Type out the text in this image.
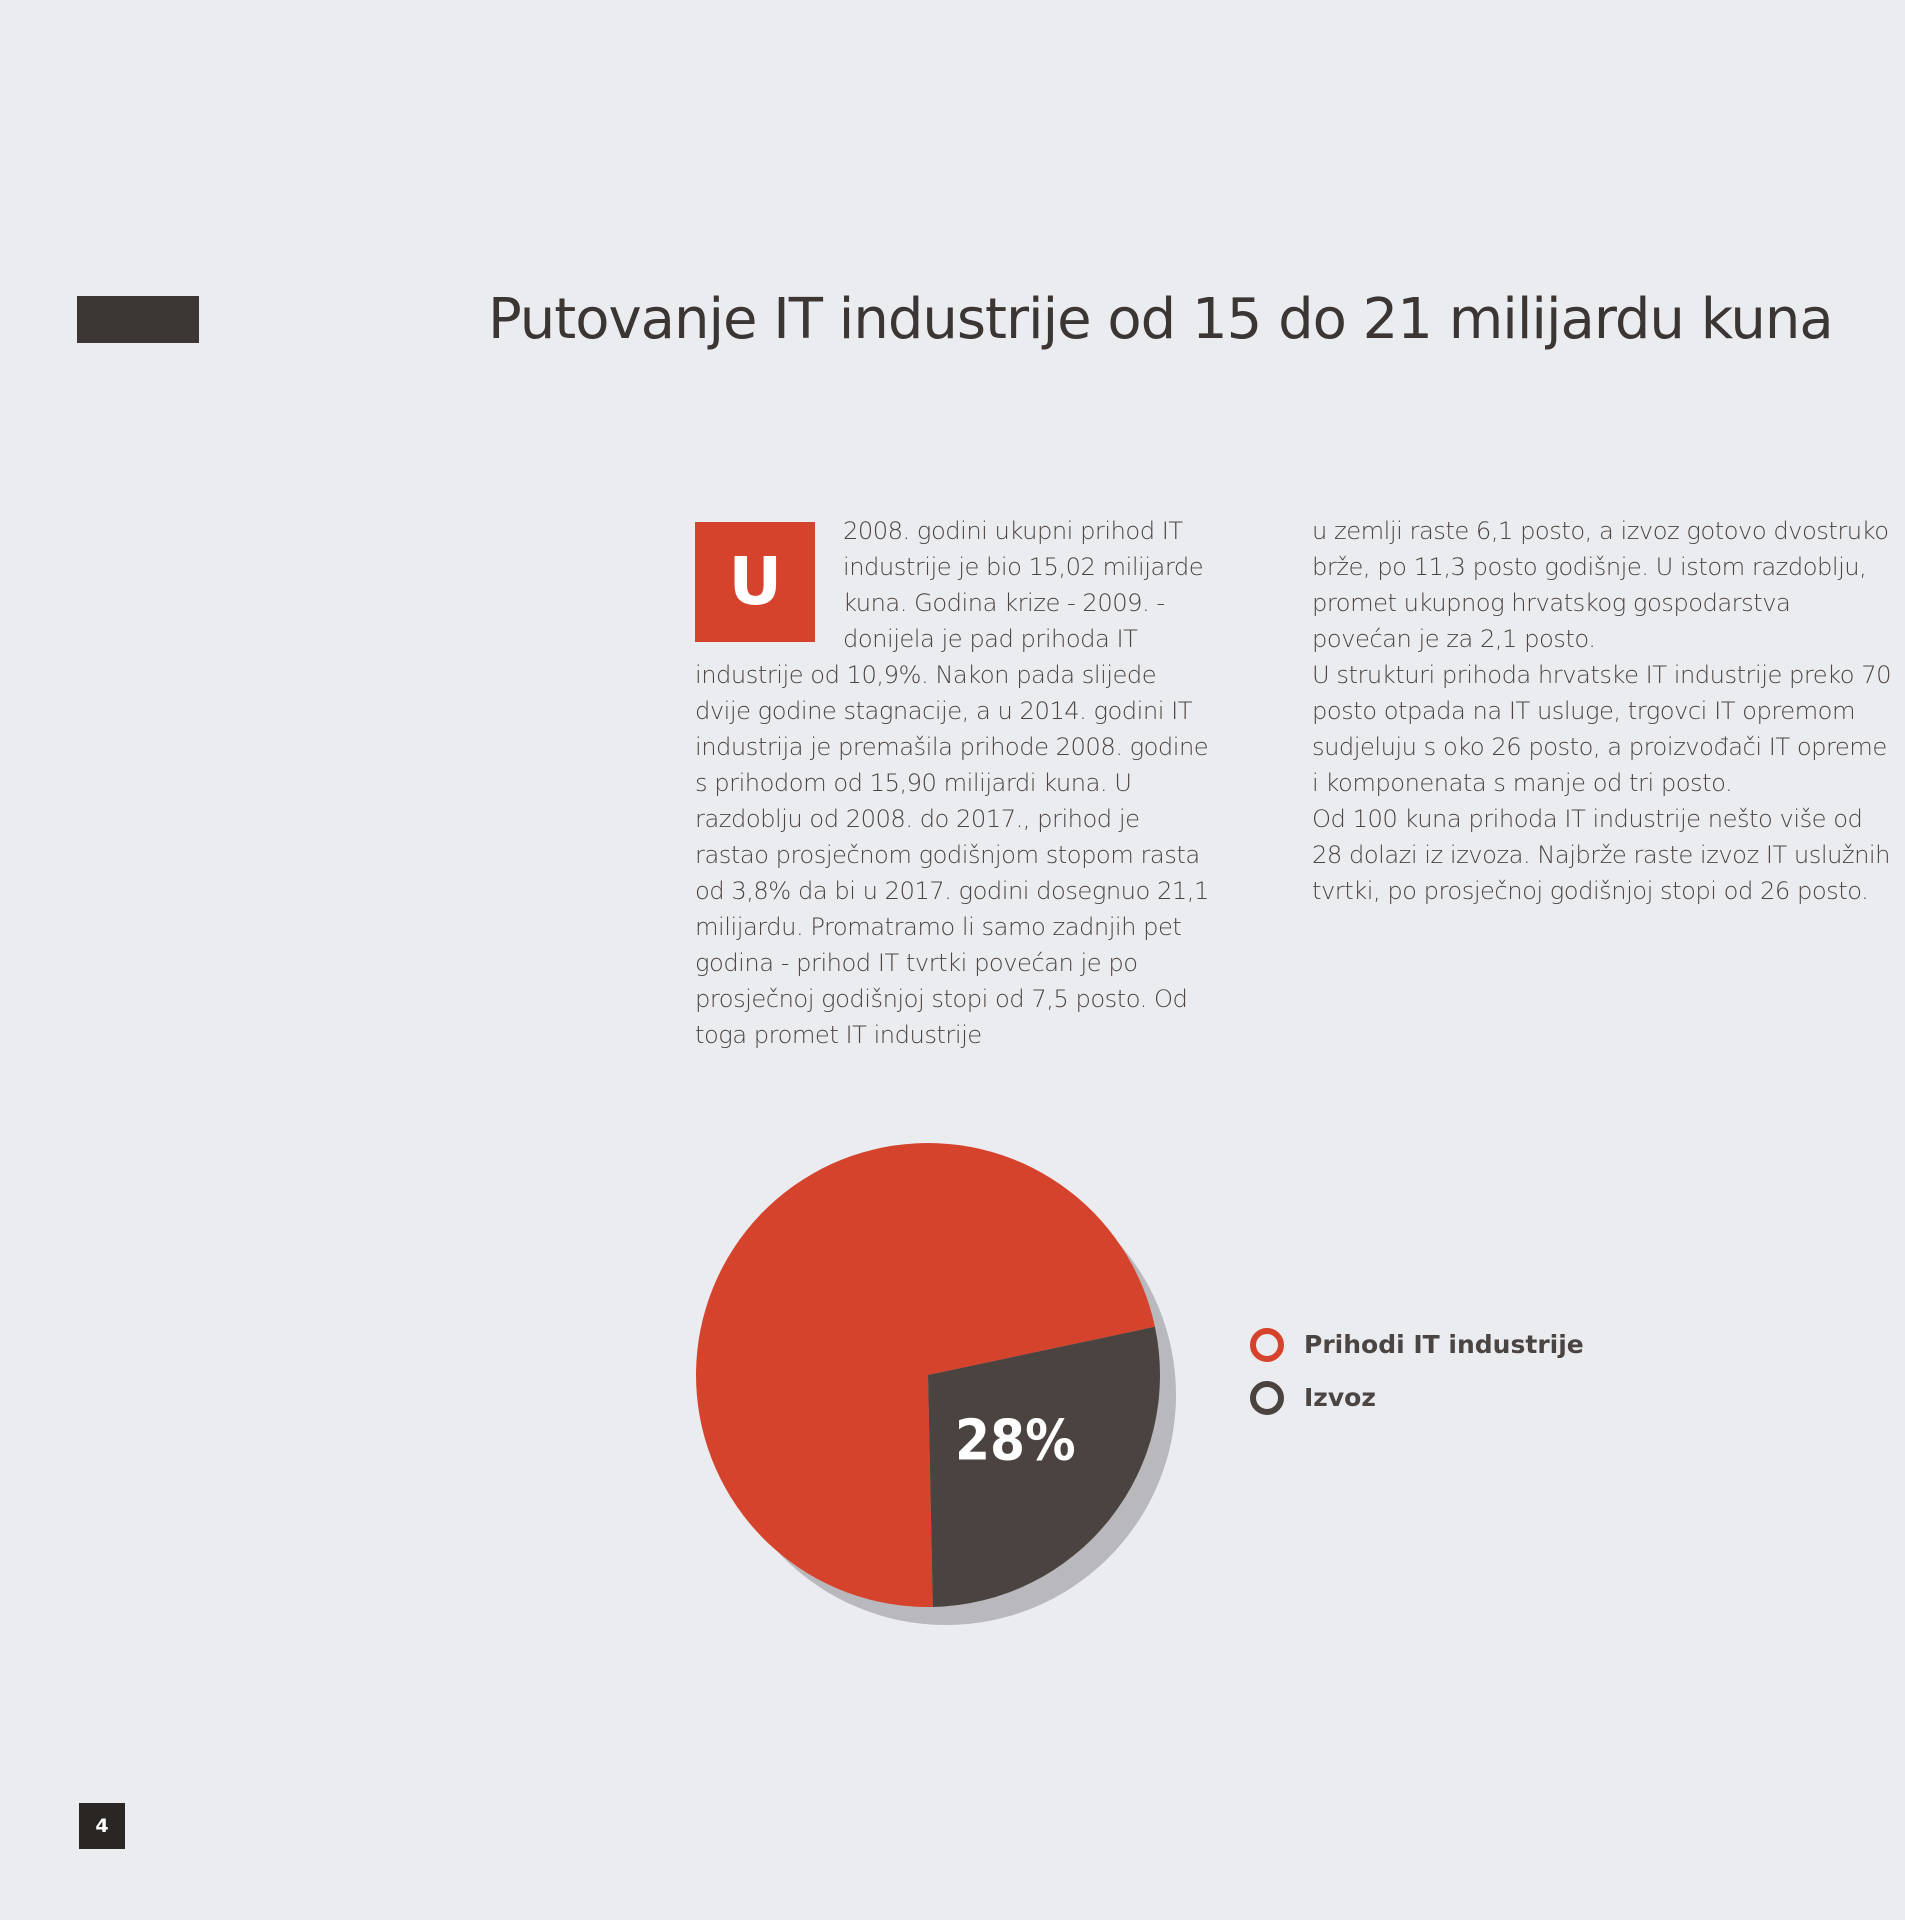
Putovanje IT industrije od 15 do 21 milijardu kuna
U

2008. godini ukupni prihod IT industrije je bio 15,02 milijarde kuna. Godina krize - 2009. - donijela je pad prihoda IT industrije od 10,9%. Nakon pada slijede dvije godine stagnacije, a u 2014. godini IT industrija je premašila prihode 2008. godine s prihodom od 15,90 milijardi kuna. U razdoblju od 2008. do 2017., prihod je rastao prosječnom godišnjom stopom rasta od 3,8% da bi u 2017. godini dosegnuo 21,1 milijardu. Promatramo li samo zadnjih pet godina - prihod IT tvrtki povećan je po prosječnoj godišnjoj stopi od 7,5 posto. Od toga promet IT industrije

u zemlji raste 6,1 posto, a izvoz gotovo dvostruko brže, po 11,3 posto godišnje. U istom razdoblju, promet ukupnog hrvatskog gospodarstva povećan je za 2,1 posto.

U strukturi prihoda hrvatske IT industrije preko 70 posto otpada na IT usluge, trgovci IT opremom sudjeluju s oko 26 posto, a proizvođači IT opreme i komponenata s manje od tri posto.

Od 100 kuna prihoda IT industrije nešto više od 28 dolazi iz izvoza. Najbrže raste izvoz IT uslužnih tvrtki, po prosječnoj godišnjoj stopi od 26 posto.

28%
Prihodi IT industrije
Izvoz
4
